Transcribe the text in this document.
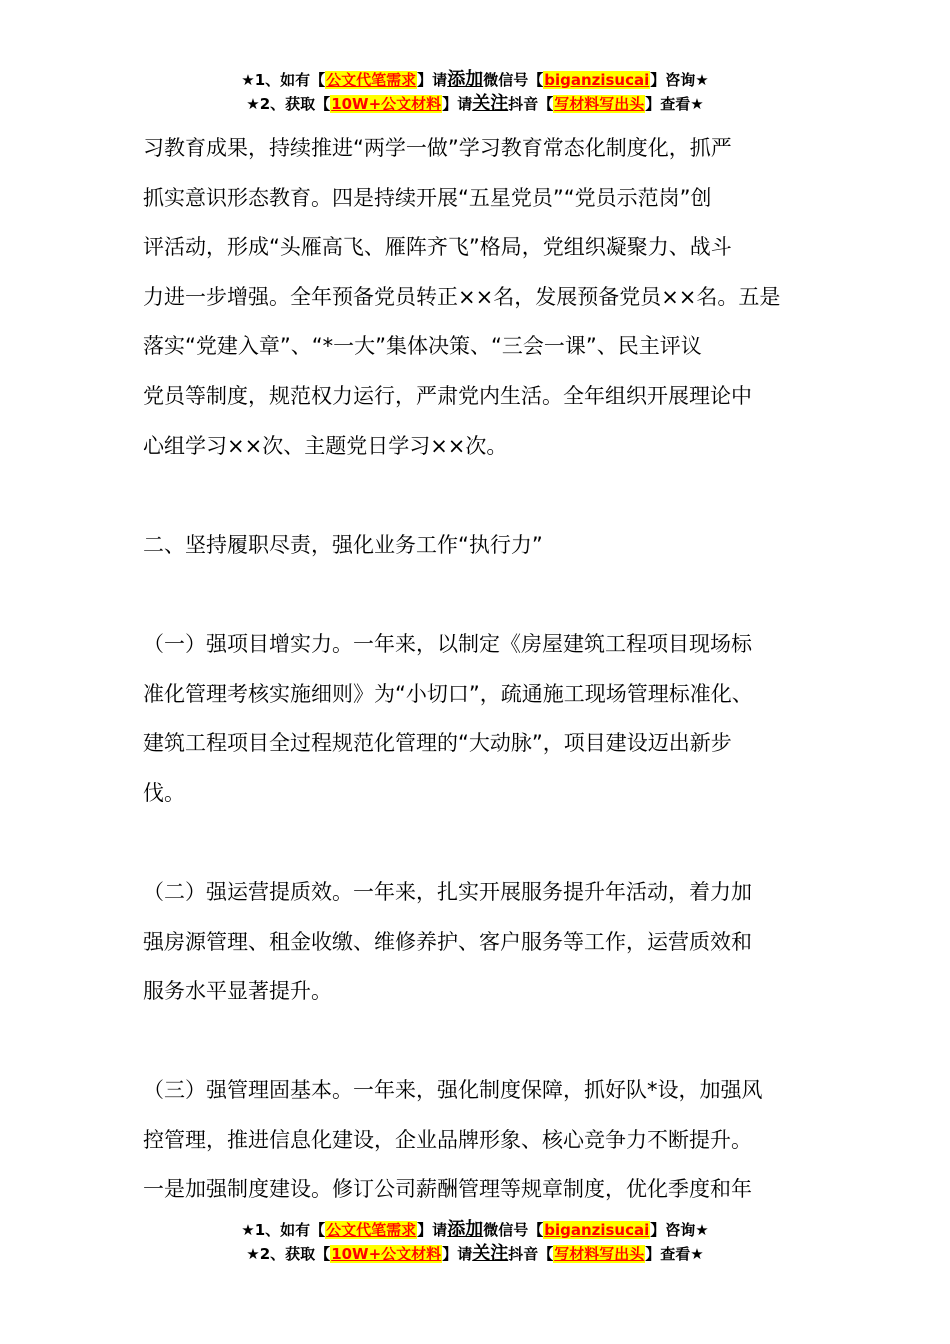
★1、如有【公文代笔需求】请添加微信号【biganzisucai】咨询★
★2、获取【10W+公文材料】请关注抖音【写材料写出头】查看★
习教育成果，持续推进“两学一做”学习教育常态化制度化，抓严
抓实意识形态教育。四是持续开展“五星党员”“党员示范岗”创
评活动，形成“头雁高飞、雁阵齐飞”格局，党组织凝聚力、战斗
力进一步增强。全年预备党员转正××名，发展预备党员××名。五是
落实“党建入章”、“*一大”集体决策、“三会一课”、民主评议
党员等制度，规范权力运行，严肃党内生活。全年组织开展理论中
心组学习××次、主题党日学习××次。
二、坚持履职尽责，强化业务工作“执行力”
（一）强项目增实力。一年来，以制定《房屋建筑工程项目现场标
准化管理考核实施细则》为“小切口”，疏通施工现场管理标准化、
建筑工程项目全过程规范化管理的“大动脉”，项目建设迈出新步
伐。
（二）强运营提质效。一年来，扎实开展服务提升年活动，着力加
强房源管理、租金收缴、维修养护、客户服务等工作，运营质效和
服务水平显著提升。
（三）强管理固基本。一年来，强化制度保障，抓好队*设，加强风
控管理，推进信息化建设，企业品牌形象、核心竞争力不断提升。
一是加强制度建设。修订公司薪酬管理等规章制度，优化季度和年
★1、如有【公文代笔需求】请添加微信号【biganzisucai】咨询★
★2、获取【10W+公文材料】请关注抖音【写材料写出头】查看★
